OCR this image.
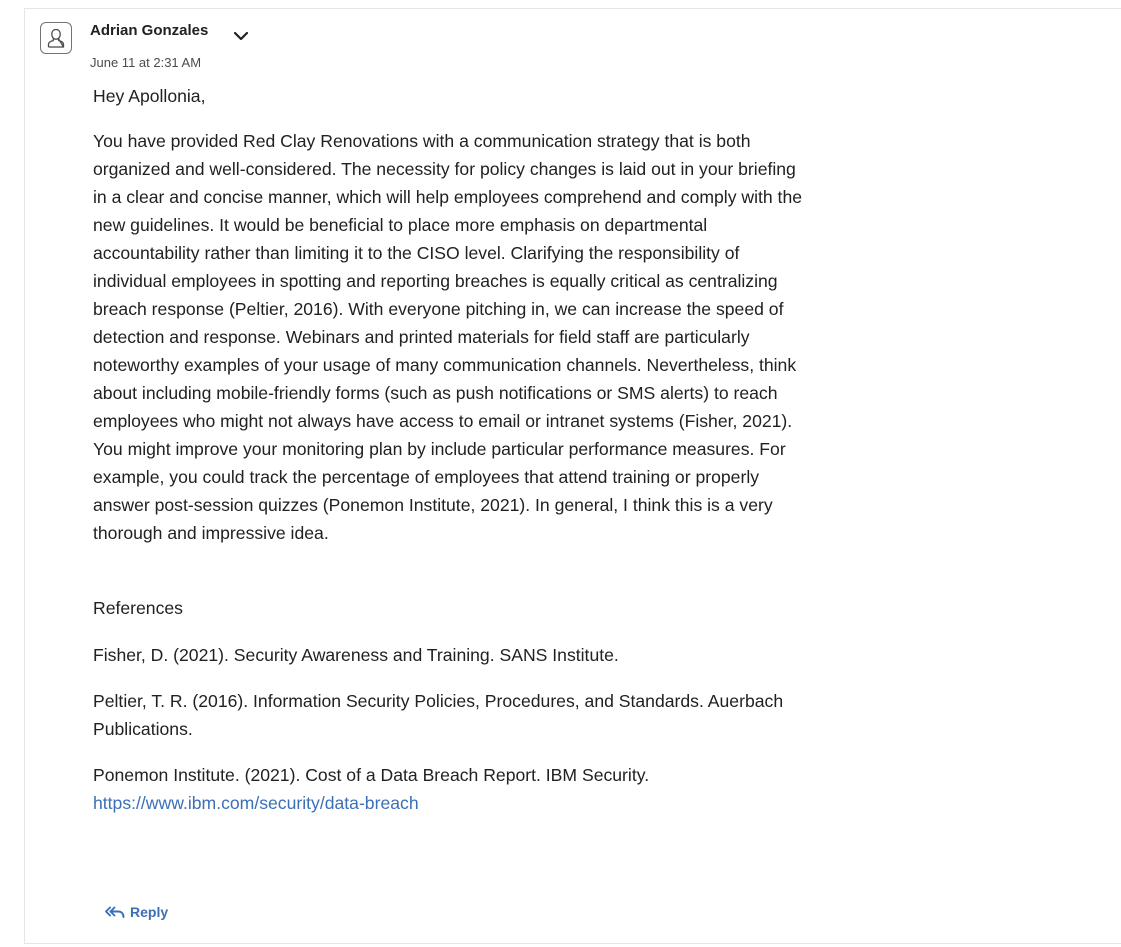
Adrian Gonzales
June 11 at 2:31 AM

Hey Apollonia,

You have provided Red Clay Renovations with a communication strategy that is both organized and well-considered. The necessity for policy changes is laid out in your briefing in a clear and concise manner, which will help employees comprehend and comply with the new guidelines. It would be beneficial to place more emphasis on departmental accountability rather than limiting it to the CISO level. Clarifying the responsibility of individual employees in spotting and reporting breaches is equally critical as centralizing breach response (Peltier, 2016). With everyone pitching in, we can increase the speed of detection and response. Webinars and printed materials for field staff are particularly noteworthy examples of your usage of many communication channels. Nevertheless, think about including mobile-friendly forms (such as push notifications or SMS alerts) to reach employees who might not always have access to email or intranet systems (Fisher, 2021). You might improve your monitoring plan by include particular performance measures. For example, you could track the percentage of employees that attend training or properly answer post-session quizzes (Ponemon Institute, 2021). In general, I think this is a very thorough and impressive idea.

References

Fisher, D. (2021). Security Awareness and Training. SANS Institute.

Peltier, T. R. (2016). Information Security Policies, Procedures, and Standards. Auerbach Publications.

Ponemon Institute. (2021). Cost of a Data Breach Report. IBM Security.
https://www.ibm.com/security/data-breach

Reply
